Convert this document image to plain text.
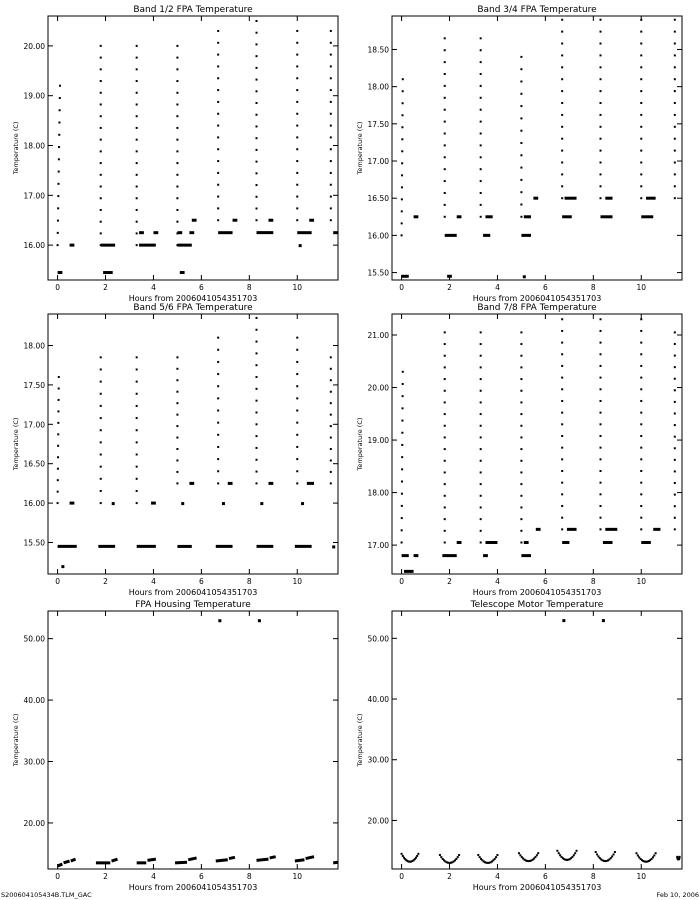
Band 1/2 FPA Temperature
Hours from 2006041054351703
Temperature (C)
0	2	4	6	8	10
16.00
17.00
18.00
19.00
20.00
Band 3/4 FPA Temperature
Hours from 2006041054351703
Temperature (C)
0	2	4	6	8	10
15.50
16.00
16.50
17.00
17.50
18.00
18.50
Band 5/6 FPA Temperature
Hours from 2006041054351703
Temperature (C)
0	2	4	6	8	10
15.50
16.00
16.50
17.00
17.50
18.00
Band 7/8 FPA Temperature
Hours from 2006041054351703
Temperature (C)
0	2	4	6	8	10
17.00
18.00
19.00
20.00
21.00
FPA Housing Temperature
Hours from 2006041054351703
Temperature (C)
0	2	4	6	8	10
20.00
30.00
40.00
50.00
Telescope Motor Temperature
Hours from 2006041054351703
Temperature (C)
0	2	4	6	8	10
20.00
30.00
40.00
50.00
S200604105434B.TLM_GAC	Feb 10, 2006
